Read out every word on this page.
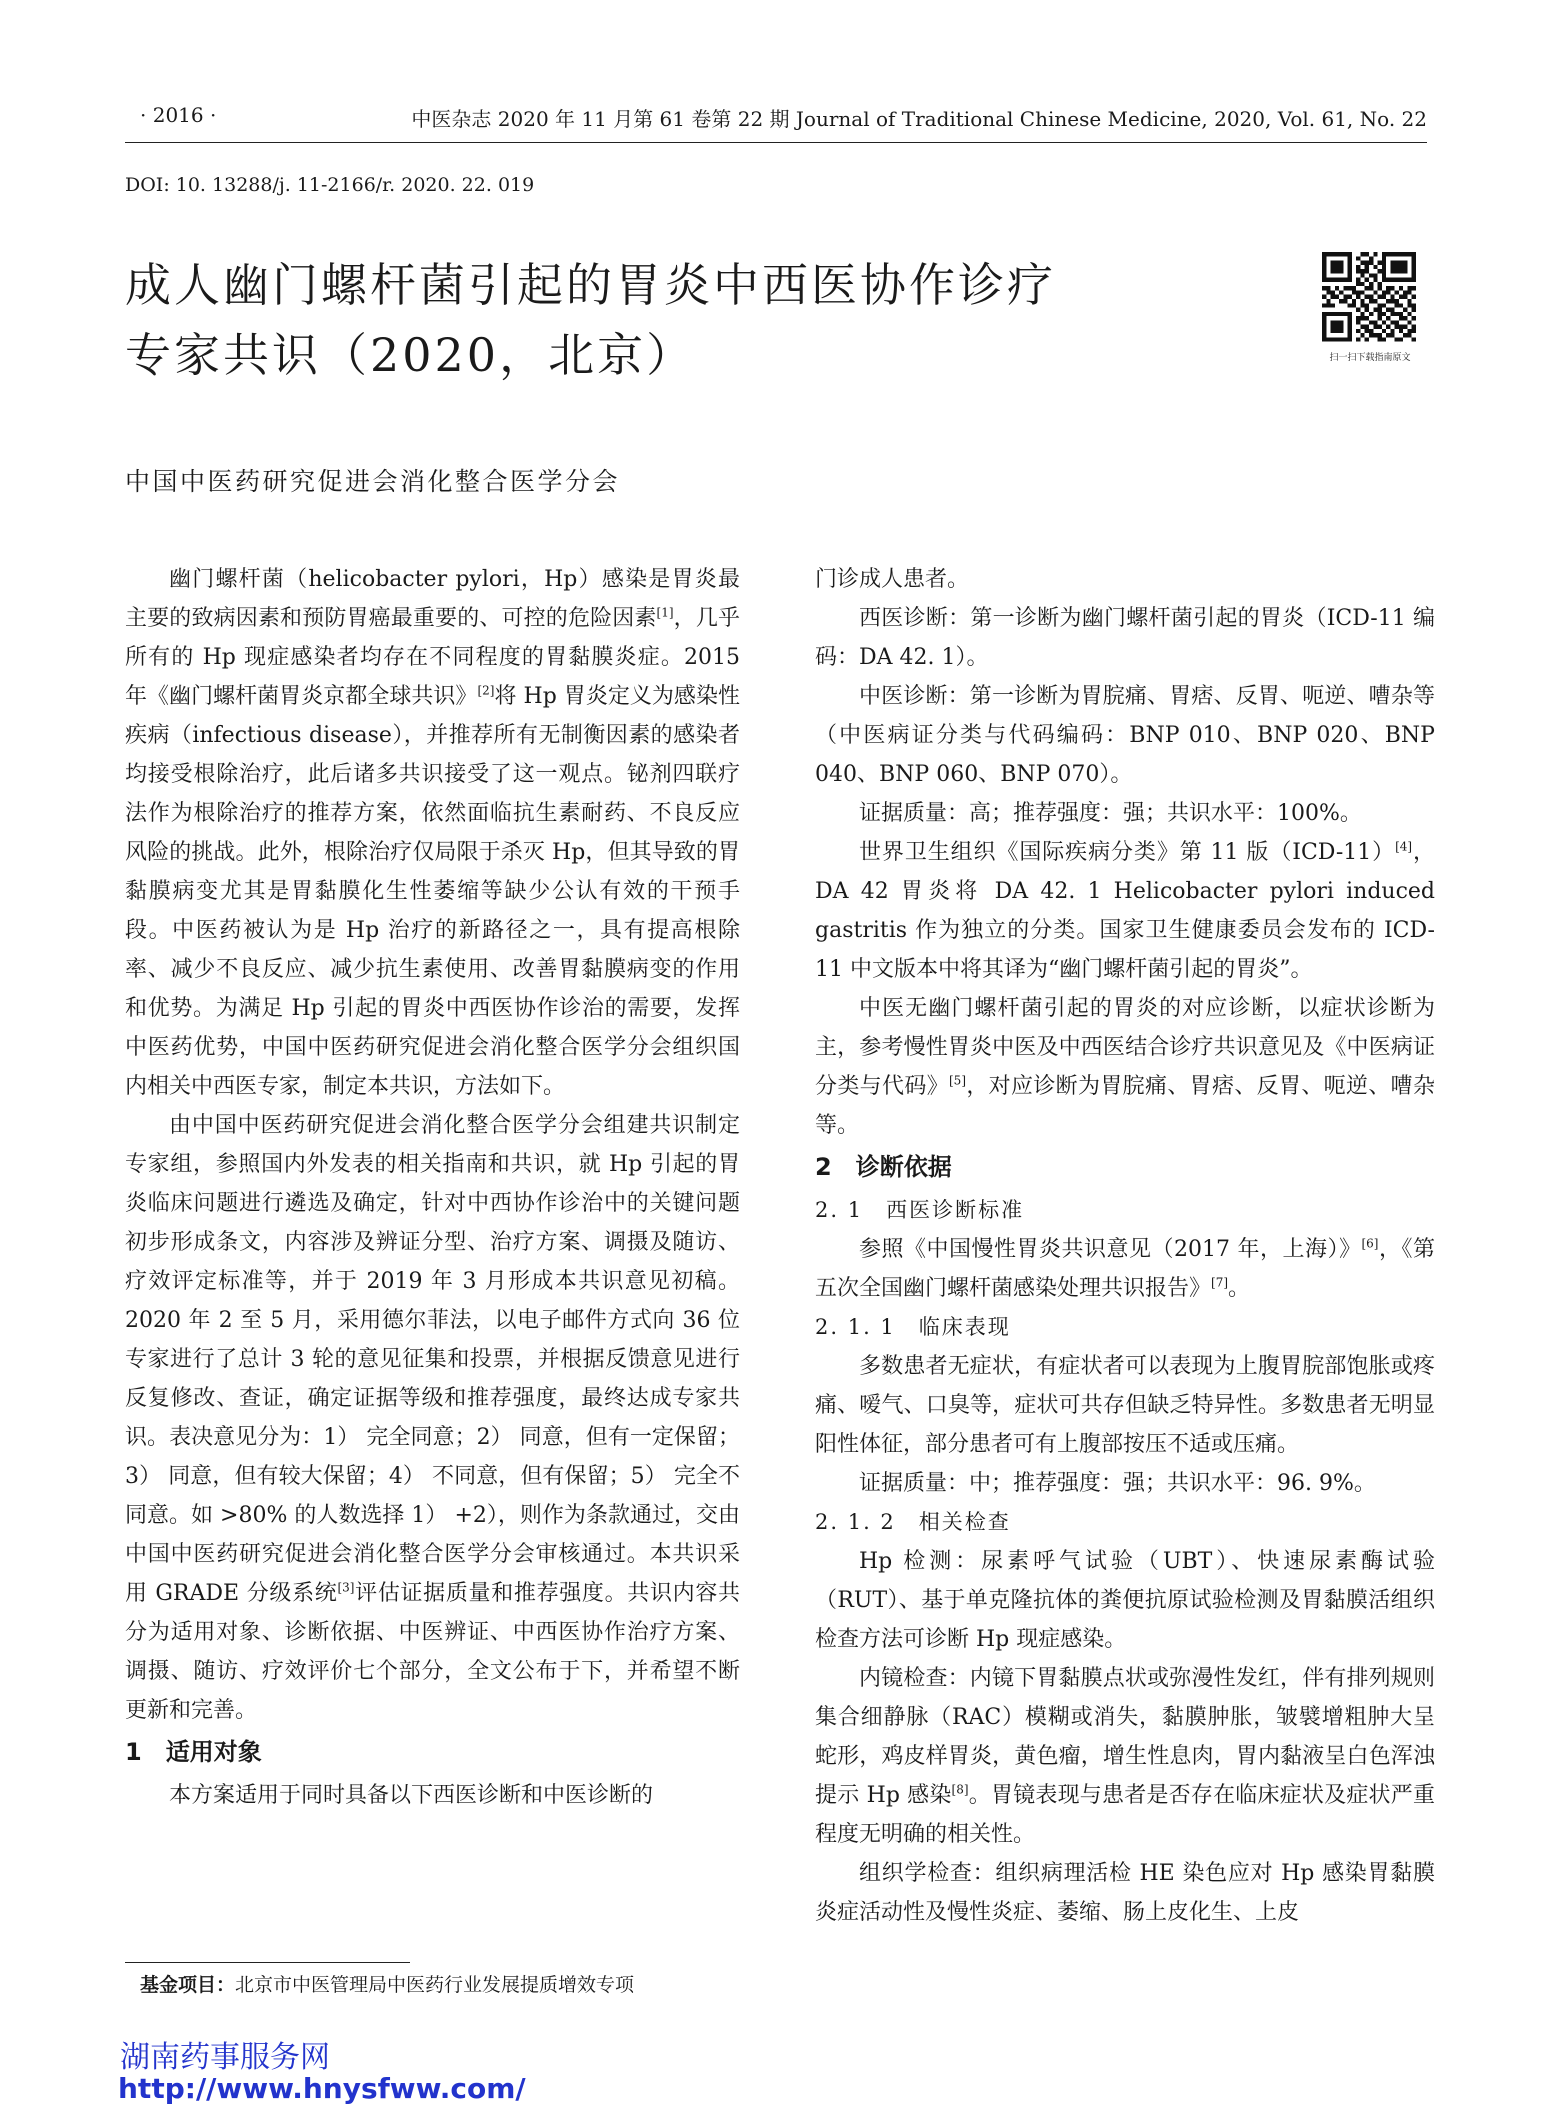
· 2016 ·	中医杂志 2020 年 11 月第 61 卷第 22 期 Journal of Traditional Chinese Medicine, 2020, Vol. 61, No. 22
DOI: 10. 13288/j. 11-2166/r. 2020. 22. 019
成人幽门螺杆菌引起的胃炎中西医协作诊疗
专家共识（2020，北京）	扫一扫下载指南原文
中国中医药研究促进会消化整合医学分会

幽门螺杆菌（helicobacter pylori，Hp）感染是胃炎最主要的致病因素和预防胃癌最重要的、可控的危险因素[1]，几乎所有的 Hp 现症感染者均存在不同程度的胃黏膜炎症。2015 年《幽门螺杆菌胃炎京都全球共识》[2]将 Hp 胃炎定义为感染性疾病（infectious disease），并推荐所有无制衡因素的感染者均接受根除治疗，此后诸多共识接受了这一观点。铋剂四联疗法作为根除治疗的推荐方案，依然面临抗生素耐药、不良反应风险的挑战。此外，根除治疗仅局限于杀灭 Hp，但其导致的胃黏膜病变尤其是胃黏膜化生性萎缩等缺少公认有效的干预手段。中医药被认为是 Hp 治疗的新路径之一，具有提高根除率、减少不良反应、减少抗生素使用、改善胃黏膜病变的作用和优势。为满足 Hp 引起的胃炎中西医协作诊治的需要，发挥中医药优势，中国中医药研究促进会消化整合医学分会组织国内相关中西医专家，制定本共识，方法如下。

由中国中医药研究促进会消化整合医学分会组建共识制定专家组，参照国内外发表的相关指南和共识，就 Hp 引起的胃炎临床问题进行遴选及确定，针对中西协作诊治中的关键问题初步形成条文，内容涉及辨证分型、治疗方案、调摄及随访、疗效评定标准等，并于 2019 年 3 月形成本共识意见初稿。2020 年 2 至 5 月，采用德尔菲法，以电子邮件方式向 36 位专家进行了总计 3 轮的意见征集和投票，并根据反馈意见进行反复修改、查证，确定证据等级和推荐强度，最终达成专家共识。表决意见分为：1） 完全同意；2） 同意，但有一定保留；3） 同意，但有较大保留；4） 不同意，但有保留；5） 完全不同意。如 >80% 的人数选择 1） +2），则作为条款通过，交由中国中医药研究促进会消化整合医学分会审核通过。本共识采用 GRADE 分级系统[3]评估证据质量和推荐强度。共识内容共分为适用对象、诊断依据、中医辨证、中西医协作治疗方案、调摄、随访、疗效评价七个部分，全文公布于下，并希望不断更新和完善。

1　适用对象

本方案适用于同时具备以下西医诊断和中医诊断的

门诊成人患者。

西医诊断：第一诊断为幽门螺杆菌引起的胃炎（ICD-11 编码：DA 42. 1）。

中医诊断：第一诊断为胃脘痛、胃痞、反胃、呃逆、嘈杂等（中医病证分类与代码编码：BNP 010、BNP 020、BNP 040、BNP 060、BNP 070）。

证据质量：高；推荐强度：强；共识水平：100%。

世界卫生组织《国际疾病分类》第 11 版（ICD-11）[4]，DA 42 胃炎将 DA 42. 1 Helicobacter pylori induced gastritis 作为独立的分类。国家卫生健康委员会发布的 ICD-11 中文版本中将其译为“幽门螺杆菌引起的胃炎”。

中医无幽门螺杆菌引起的胃炎的对应诊断，以症状诊断为主，参考慢性胃炎中医及中西医结合诊疗共识意见及《中医病证分类与代码》[5]，对应诊断为胃脘痛、胃痞、反胃、呃逆、嘈杂等。

2　诊断依据
2. 1　西医诊断标准

参照《中国慢性胃炎共识意见（2017 年，上海）》[6]，《第五次全国幽门螺杆菌感染处理共识报告》[7]。

2. 1. 1　临床表现

多数患者无症状，有症状者可以表现为上腹胃脘部饱胀或疼痛、嗳气、口臭等，症状可共存但缺乏特异性。多数患者无明显阳性体征，部分患者可有上腹部按压不适或压痛。

证据质量：中；推荐强度：强；共识水平：96. 9%。

2. 1. 2　相关检查

Hp 检测：尿素呼气试验（UBT）、快速尿素酶试验（RUT）、基于单克隆抗体的粪便抗原试验检测及胃黏膜活组织检查方法可诊断 Hp 现症感染。

内镜检查：内镜下胃黏膜点状或弥漫性发红，伴有排列规则集合细静脉（RAC）模糊或消失，黏膜肿胀，皱襞增粗肿大呈蛇形，鸡皮样胃炎，黄色瘤，增生性息肉，胃内黏液呈白色浑浊提示 Hp 感染[8]。胃镜表现与患者是否存在临床症状及症状严重程度无明确的相关性。

组织学检查：组织病理活检 HE 染色应对 Hp 感染胃黏膜炎症活动性及慢性炎症、萎缩、肠上皮化生、上皮

基金项目：北京市中医管理局中医药行业发展提质增效专项
湖南药事服务网
http://www.hnysfww.com/
